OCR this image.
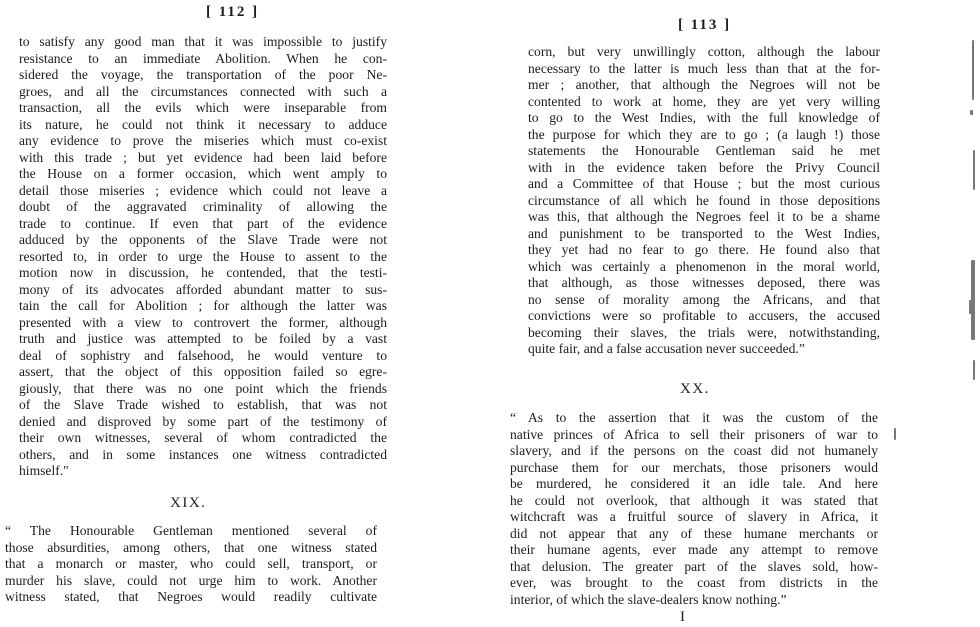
[ 112 ]
to satisfy any good man that it was impossible to justify
resistance to an immediate Abolition. When he con-
sidered the voyage, the transportation of the poor Ne-
groes, and all the circumstances connected with such a
transaction, all the evils which were inseparable from
its nature, he could not think it necessary to adduce
any evidence to prove the miseries which must co-exist
with this trade ; but yet evidence had been laid before
the House on a former occasion, which went amply to
detail those miseries ; evidence which could not leave a
doubt of the aggravated criminality of allowing the
trade to continue. If even that part of the evidence
adduced by the opponents of the Slave Trade were not
resorted to, in order to urge the House to assent to the
motion now in discussion, he contended, that the testi-
mony of its advocates afforded abundant matter to sus-
tain the call for Abolition ; for although the latter was
presented with a view to controvert the former, although
truth and justice was attempted to be foiled by a vast
deal of sophistry and falsehood, he would venture to
assert, that the object of this opposition failed so egre-
giously, that there was no one point which the friends
of the Slave Trade wished to establish, that was not
denied and disproved by some part of the testimony of
their own witnesses, several of whom contradicted the
others, and in some instances one witness contradicted
himself."
XIX.
“ The Honourable Gentleman mentioned several of
those absurdities, among others, that one witness stated
that a monarch or master, who could sell, transport, or
murder his slave, could not urge him to work. Another
witness stated, that Negroes would readily cultivate
[ 113 ]
corn, but very unwillingly cotton, although the labour
necessary to the latter is much less than that at the for-
mer ; another, that although the Negroes will not be
contented to work at home, they are yet very willing
to go to the West Indies, with the full knowledge of
the purpose for which they are to go ; (a laugh !) those
statements the Honourable Gentleman said he met
with in the evidence taken before the Privy Council
and a Committee of that House ; but the most curious
circumstance of all which he found in those depositions
was this, that although the Negroes feel it to be a shame
and punishment to be transported to the West Indies,
they yet had no fear to go there. He found also that
which was certainly a phenomenon in the moral world,
that although, as those witnesses deposed, there was
no sense of morality among the Africans, and that
convictions were so profitable to accusers, the accused
becoming their slaves, the trials were, notwithstanding,
quite fair, and a false accusation never succeeded.”
XX.
“ As to the assertion that it was the custom of the
native princes of Africa to sell their prisoners of war to
slavery, and if the persons on the coast did not humanely
purchase them for our merchats, those prisoners would
be murdered, he considered it an idle tale. And here
he could not overlook, that although it was stated that
witchcraft was a fruitful source of slavery in Africa, it
did not appear that any of these humane merchants or
their humane agents, ever made any attempt to remove
that delusion. The greater part of the slaves sold, how-
ever, was brought to the coast from districts in the
interior, of which the slave-dealers know nothing.”
I
